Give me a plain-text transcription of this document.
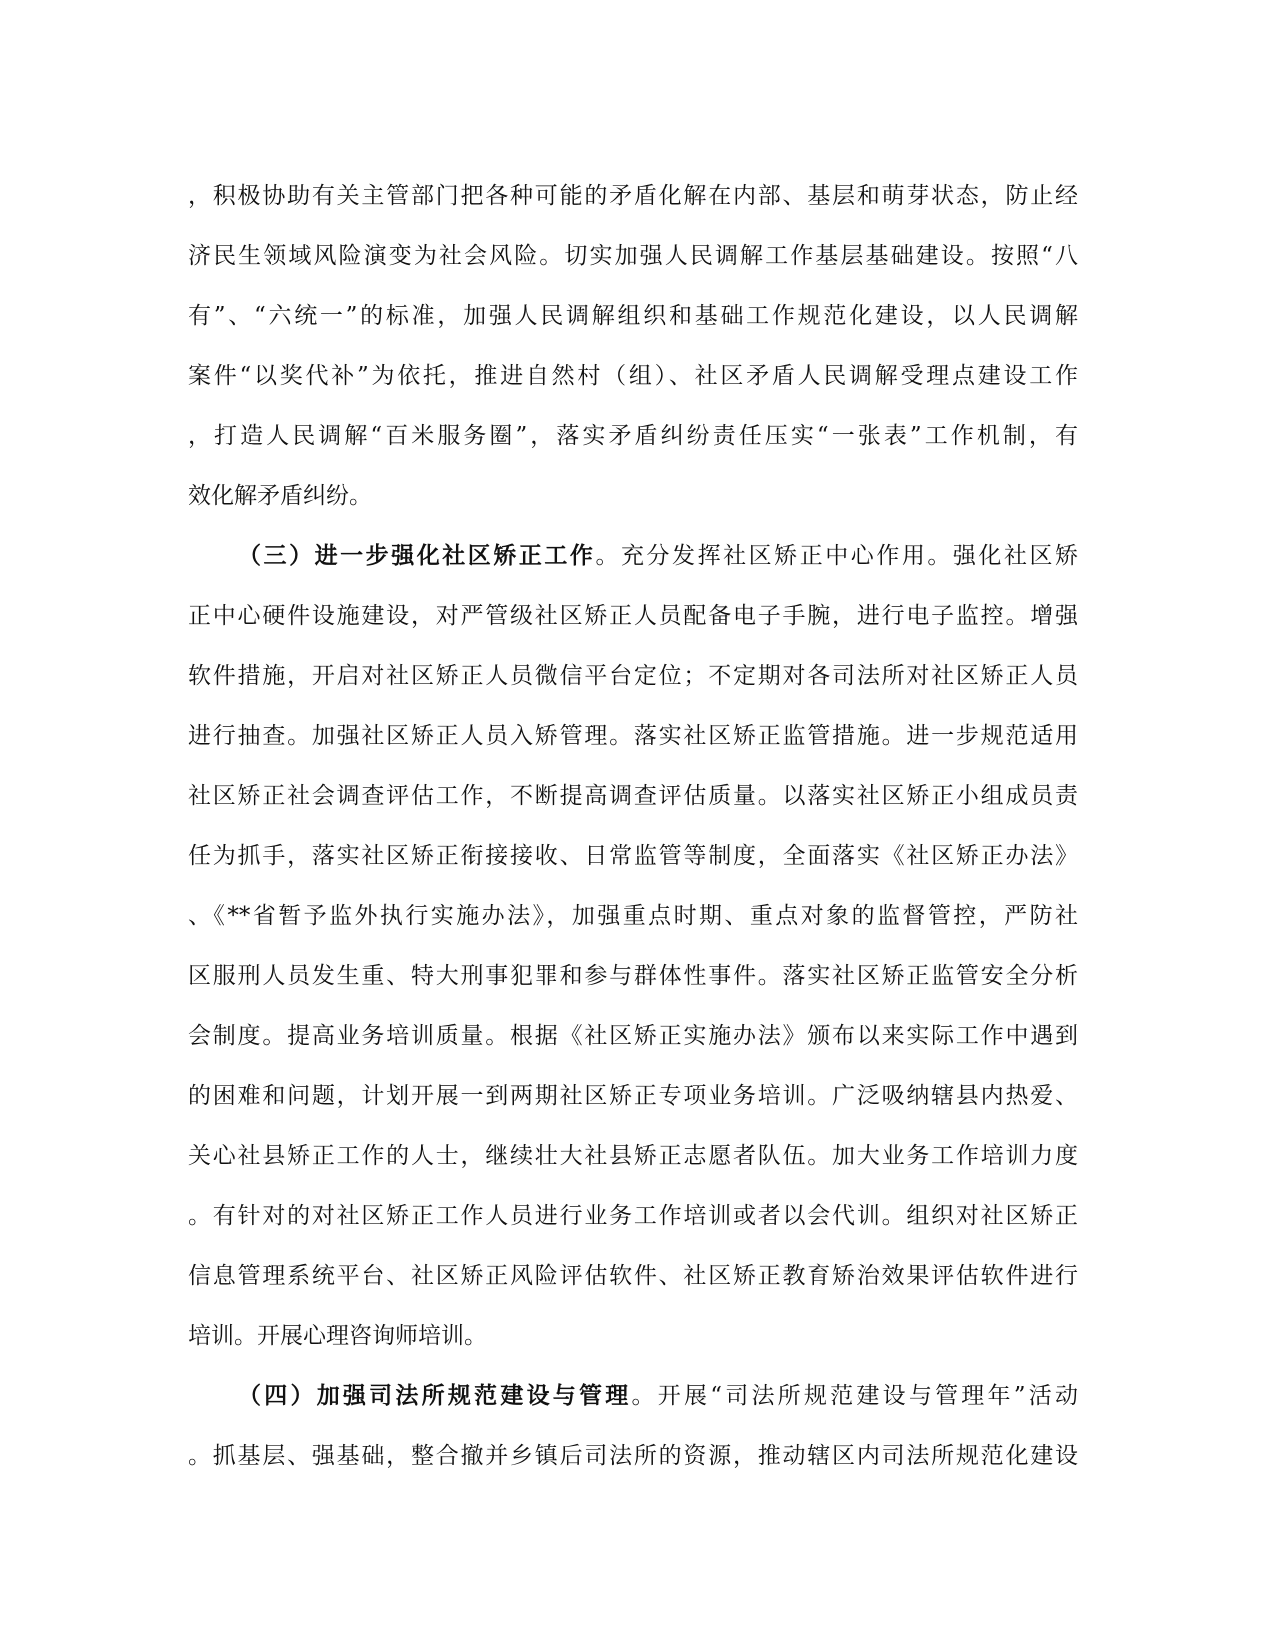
，积极协助有关主管部门把各种可能的矛盾化解在内部、基层和萌芽状态，防止经
济民生领域风险演变为社会风险。切实加强人民调解工作基层基础建设。按照“八
有”、“六统一”的标准，加强人民调解组织和基础工作规范化建设，以人民调解
案件“以奖代补”为依托，推进自然村（组）、社区矛盾人民调解受理点建设工作
，打造人民调解“百米服务圈”，落实矛盾纠纷责任压实“一张表”工作机制，有
效化解矛盾纠纷。
（三）进一步强化社区矫正工作。充分发挥社区矫正中心作用。强化社区矫
正中心硬件设施建设，对严管级社区矫正人员配备电子手腕，进行电子监控。增强
软件措施，开启对社区矫正人员微信平台定位；不定期对各司法所对社区矫正人员
进行抽查。加强社区矫正人员入矫管理。落实社区矫正监管措施。进一步规范适用
社区矫正社会调查评估工作，不断提高调查评估质量。以落实社区矫正小组成员责
任为抓手，落实社区矫正衔接接收、日常监管等制度，全面落实《社区矫正办法》
、《**省暂予监外执行实施办法》，加强重点时期、重点对象的监督管控，严防社
区服刑人员发生重、特大刑事犯罪和参与群体性事件。落实社区矫正监管安全分析
会制度。提高业务培训质量。根据《社区矫正实施办法》颁布以来实际工作中遇到
的困难和问题，计划开展一到两期社区矫正专项业务培训。广泛吸纳辖县内热爱、
关心社县矫正工作的人士，继续壮大社县矫正志愿者队伍。加大业务工作培训力度
。有针对的对社区矫正工作人员进行业务工作培训或者以会代训。组织对社区矫正
信息管理系统平台、社区矫正风险评估软件、社区矫正教育矫治效果评估软件进行
培训。开展心理咨询师培训。
（四）加强司法所规范建设与管理。开展“司法所规范建设与管理年”活动
。抓基层、强基础，整合撤并乡镇后司法所的资源，推动辖区内司法所规范化建设
